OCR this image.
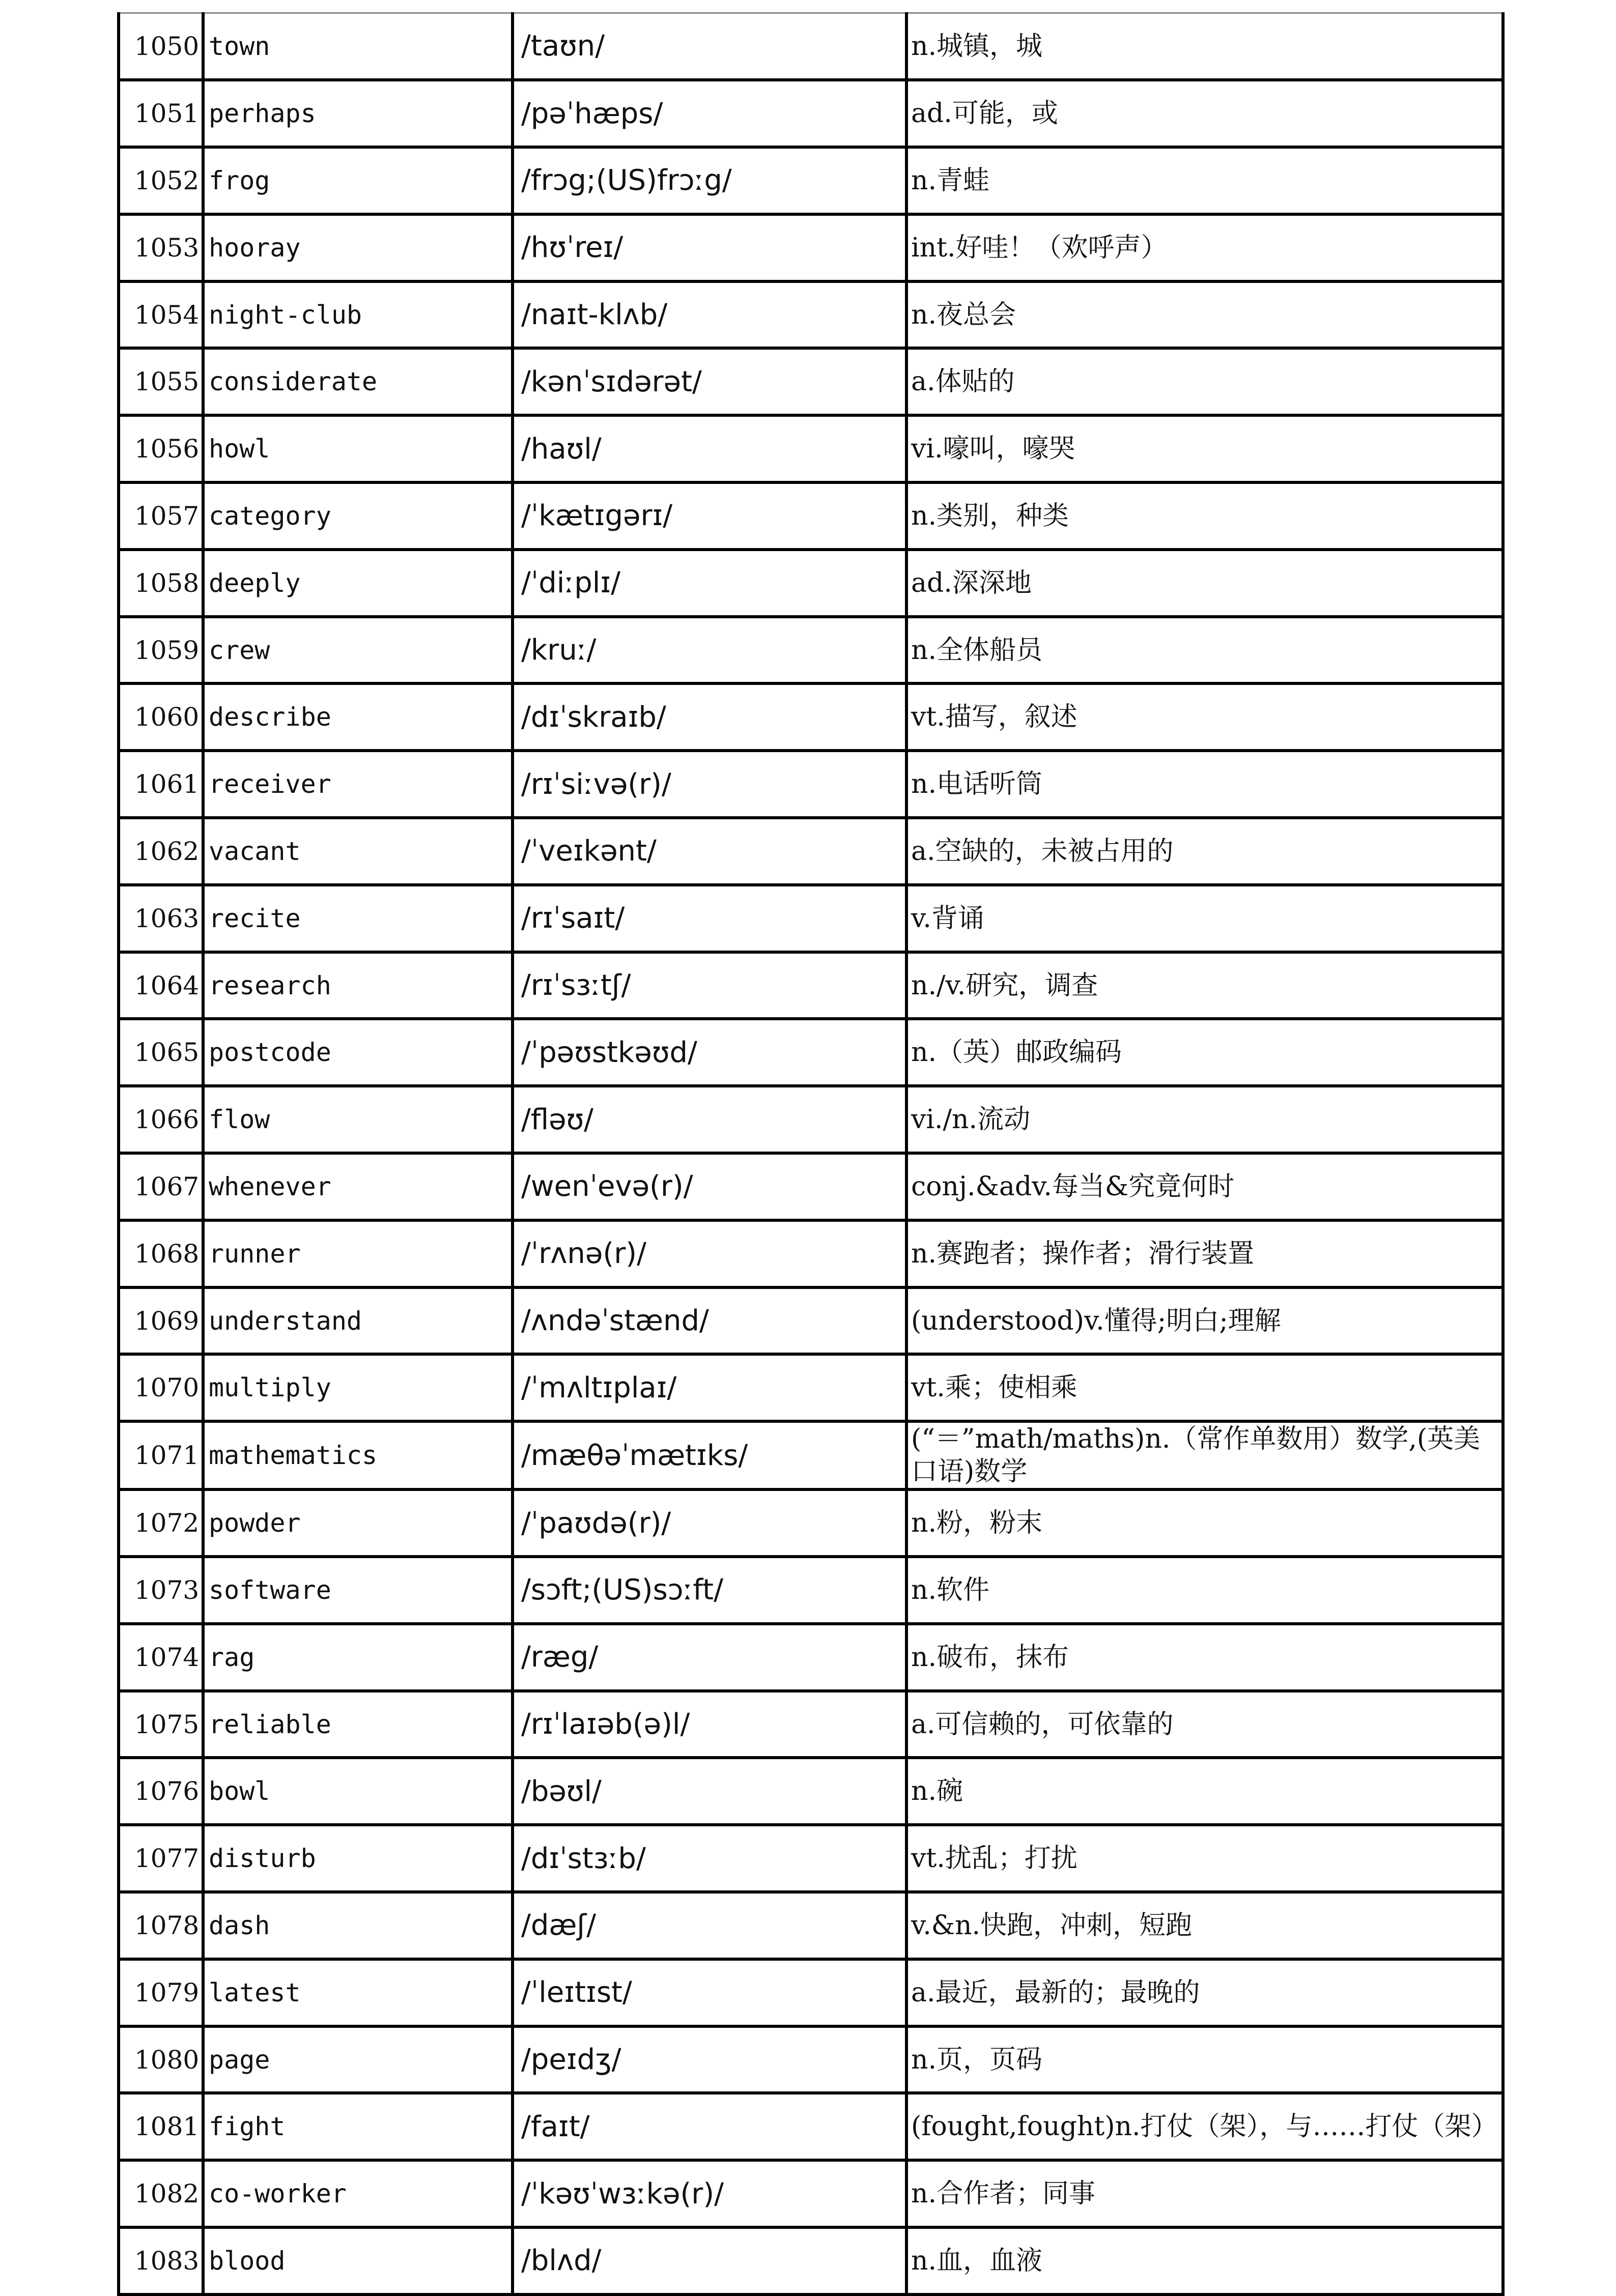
1050	town	/taʊn/	n.城镇，城
1051	perhaps	/pəˈhæps/	ad.可能，或
1052	frog	/frɔg;(US)frɔːg/	n.青蛙
1053	hooray	/hʊˈreɪ/	int.好哇！（欢呼声）
1054	night-club	/naɪt-klʌb/	n.夜总会
1055	considerate	/kənˈsɪdərət/	a.体贴的
1056	howl	/haʊl/	vi.嚎叫，嚎哭
1057	category	/ˈkætɪgərɪ/	n.类别，种类
1058	deeply	/ˈdiːplɪ/	ad.深深地
1059	crew	/kruː/	n.全体船员
1060	describe	/dɪˈskraɪb/	vt.描写，叙述
1061	receiver	/rɪˈsiːvə(r)/	n.电话听筒
1062	vacant	/ˈveɪkənt/	a.空缺的，未被占用的
1063	recite	/rɪˈsaɪt/	v.背诵
1064	research	/rɪˈsɜːtʃ/	n./v.研究，调查
1065	postcode	/ˈpəʊstkəʊd/	n.（英）邮政编码
1066	flow	/fləʊ/	vi./n.流动
1067	whenever	/wenˈevə(r)/	conj.&adv.每当&究竟何时
1068	runner	/ˈrʌnə(r)/	n.赛跑者；操作者；滑行装置
1069	understand	/ʌndəˈstænd/	(understood)v.懂得;明白;理解
1070	multiply	/ˈmʌltɪplaɪ/	vt.乘；使相乘
1071	mathematics	/mæθəˈmætɪks/	(“＝”math/maths)n.（常作单数用）数学,(英美口语)数学
1072	powder	/ˈpaʊdə(r)/	n.粉，粉末
1073	software	/sɔft;(US)sɔːft/	n.软件
1074	rag	/ræg/	n.破布，抹布
1075	reliable	/rɪˈlaɪəb(ə)l/	a.可信赖的，可依靠的
1076	bowl	/bəʊl/	n.碗
1077	disturb	/dɪˈstɜːb/	vt.扰乱；打扰
1078	dash	/dæʃ/	v.&n.快跑，冲刺，短跑
1079	latest	/ˈleɪtɪst/	a.最近，最新的；最晚的
1080	page	/peɪdʒ/	n.页，页码
1081	fight	/faɪt/	(fought,fought)n.打仗（架），与……打仗（架）
1082	co-worker	/ˈkəʊˈwɜːkə(r)/	n.合作者；同事
1083	blood	/blʌd/	n.血，血液
